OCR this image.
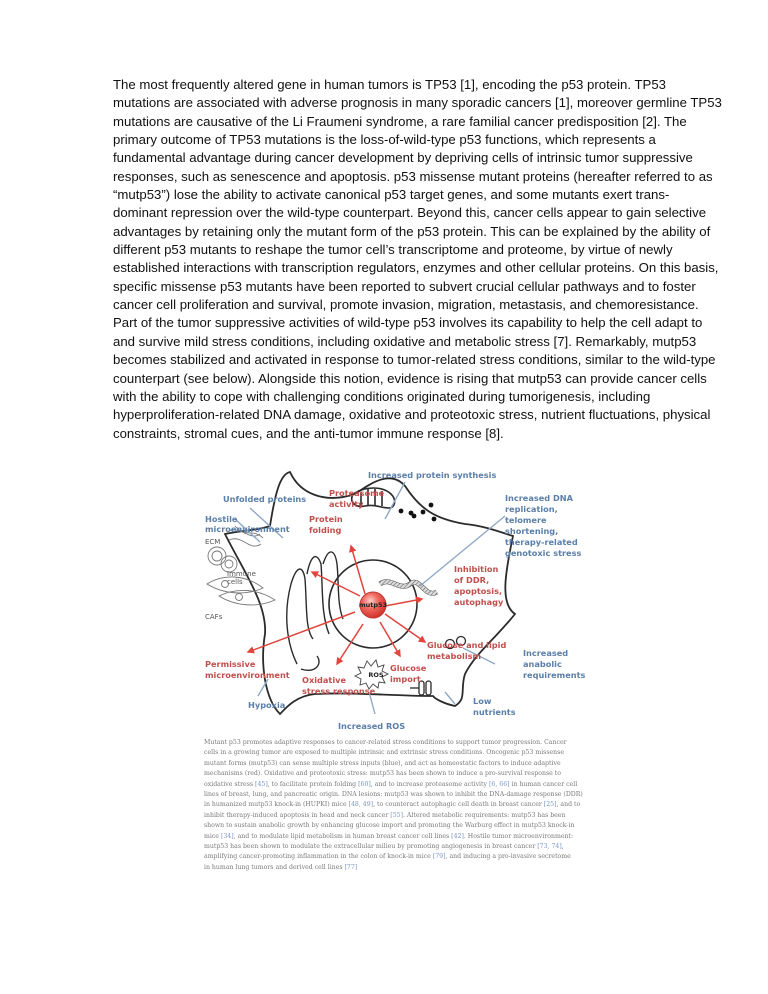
The most frequently altered gene in human tumors is TP53 [1], encoding the p53 protein. TP53
mutations are associated with adverse prognosis in many sporadic cancers [1], moreover germline TP53
mutations are causative of the Li Fraumeni syndrome, a rare familial cancer predisposition [2]. The
primary outcome of TP53 mutations is the loss-of-wild-type p53 functions, which represents a
fundamental advantage during cancer development by depriving cells of intrinsic tumor suppressive
responses, such as senescence and apoptosis. p53 missense mutant proteins (hereafter referred to as
“mutp53”) lose the ability to activate canonical p53 target genes, and some mutants exert trans-
dominant repression over the wild-type counterpart. Beyond this, cancer cells appear to gain selective
advantages by retaining only the mutant form of the p53 protein. This can be explained by the ability of
different p53 mutants to reshape the tumor cell’s transcriptome and proteome, by virtue of newly
established interactions with transcription regulators, enzymes and other cellular proteins. On this basis,
specific missense p53 mutants have been reported to subvert crucial cellular pathways and to foster
cancer cell proliferation and survival, promote invasion, migration, metastasis, and chemoresistance.
Part of the tumor suppressive activities of wild-type p53 involves its capability to help the cell adapt to
and survive mild stress conditions, including oxidative and metabolic stress [7]. Remarkably, mutp53
becomes stabilized and activated in response to tumor-related stress conditions, similar to the wild-type
counterpart (see below). Alongside this notion, evidence is rising that mutp53 can provide cancer cells
with the ability to cope with challenging conditions originated during tumorigenesis, including
hyperproliferation-related DNA damage, oxidative and proteotoxic stress, nutrient fluctuations, physical
constraints, stromal cues, and the anti-tumor immune response [8].
mutp53
ROS
Increased protein synthesis
Unfolded proteins
Hostile
microenvironment
Increased DNA
replication,
telomere
shortening,
therapy-related
genotoxic stress
Increased
anabolic
requirements
Hypoxia	Low
nutrients
Increased ROS
Proteasome
activity
Protein
folding
Inhibition
of DDR,
apoptosis,
autophagy
Glucose and lipid
metabolism
Glucose
import
Oxidative
stress response
Permissive
microenvironment
ECM
Immune
cells
CAFs
Mutant p53 promotes adaptive responses to cancer-related stress conditions to support tumor progression. Cancer
cells in a growing tumor are exposed to multiple intrinsic and extrinsic stress conditions. Oncogenic p53 missense
mutant forms (mutp53) can sense multiple stress inputs (blue), and act as homeostatic factors to induce adaptive
mechanisms (red). Oxidative and proteotoxic stress: mutp53 has been shown to induce a pro-survival response to
oxidative stress [45], to facilitate protein folding [60], and to increase proteasome activity [6, 66] in human cancer cell
lines of breast, lung, and pancreatic origin. DNA lesions: mutp53 was shown to inhibit the DNA-damage response (DDR)
in humanized mutp53 knock-in (HUPKI) mice [48, 49], to counteract autophagic cell death in breast cancer [25], and to
inhibit therapy-induced apoptosis in head and neck cancer [55]. Altered metabolic requirements: mutp53 has been
shown to sustain anabolic growth by enhancing glucose import and promoting the Warburg effect in mutp53 knock-in
mice [34], and to modulate lipid metabolism in human breast cancer cell lines [42]. Hostile tumor microenvironment:
mutp53 has been shown to modulate the extracellular milieu by promoting angiogenesis in breast cancer [73, 74],
amplifying cancer-promoting inflammation in the colon of knock-in mice [79], and inducing a pro-invasive secretome
in human lung tumors and derived cell lines [77]
